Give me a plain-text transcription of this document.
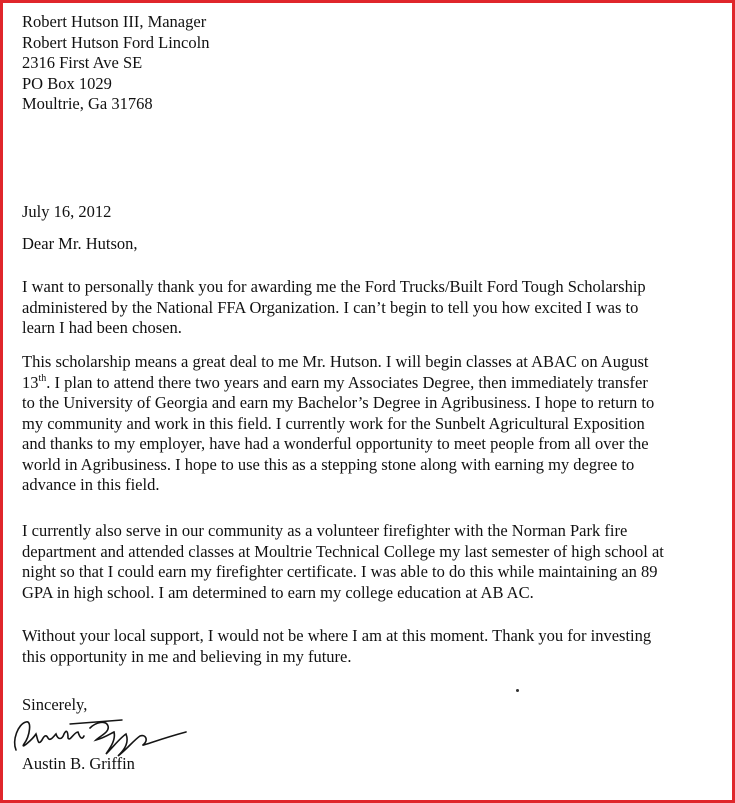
Robert Hutson III, Manager
Robert Hutson Ford Lincoln
2316 First Ave SE
PO Box 1029
Moultrie, Ga 31768
July 16, 2012
Dear Mr. Hutson,
I want to personally thank you for awarding me the Ford Trucks/Built Ford Tough Scholarship
administered by the National FFA Organization. I can’t begin to tell you how excited I was to
learn I had been chosen.
This scholarship means a great deal to me Mr. Hutson. I will begin classes at ABAC on August
13th. I plan to attend there two years and earn my Associates Degree, then immediately transfer
to the University of Georgia and earn my Bachelor’s Degree in Agribusiness. I hope to return to
my community and work in this field. I currently work for the Sunbelt Agricultural Exposition
and thanks to my employer, have had a wonderful opportunity to meet people from all over the
world in Agribusiness. I hope to use this as a stepping stone along with earning my degree to
advance in this field.
I currently also serve in our community as a volunteer firefighter with the Norman Park fire
department and attended classes at Moultrie Technical College my last semester of high school at
night so that I could earn my firefighter certificate. I was able to do this while maintaining an 89
GPA in high school. I am determined to earn my college education at AB AC.
Without your local support, I would not be where I am at this moment. Thank you for investing
this opportunity in me and believing in my future.
Sincerely,
Austin B. Griffin
